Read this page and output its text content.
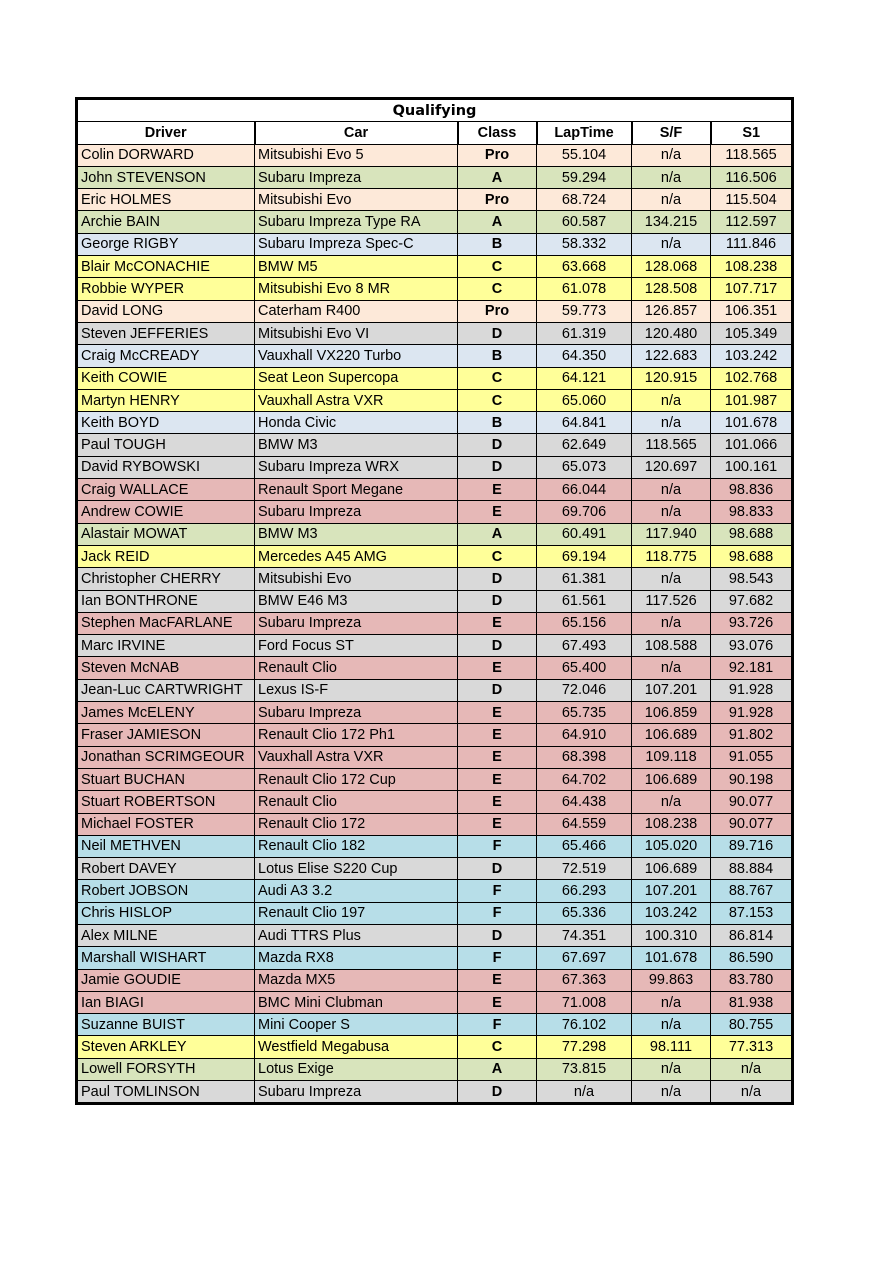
Qualifying					
Driver	Car	Class	LapTime	S/F	S1
Colin DORWARD	Mitsubishi Evo 5	Pro	55.104	n/a	118.565
John STEVENSON	Subaru Impreza	A	59.294	n/a	116.506
Eric HOLMES	Mitsubishi Evo	Pro	68.724	n/a	115.504
Archie BAIN	Subaru Impreza Type RA	A	60.587	134.215	112.597
George RIGBY	Subaru Impreza Spec-C	B	58.332	n/a	111.846
Blair McCONACHIE	BMW M5	C	63.668	128.068	108.238
Robbie WYPER	Mitsubishi Evo 8 MR	C	61.078	128.508	107.717
David LONG	Caterham R400	Pro	59.773	126.857	106.351
Steven JEFFERIES	Mitsubishi Evo VI	D	61.319	120.480	105.349
Craig McCREADY	Vauxhall VX220 Turbo	B	64.350	122.683	103.242
Keith COWIE	Seat Leon Supercopa	C	64.121	120.915	102.768
Martyn HENRY	Vauxhall Astra VXR	C	65.060	n/a	101.987
Keith BOYD	Honda Civic	B	64.841	n/a	101.678
Paul TOUGH	BMW M3	D	62.649	118.565	101.066
David RYBOWSKI	Subaru Impreza WRX	D	65.073	120.697	100.161
Craig WALLACE	Renault Sport Megane	E	66.044	n/a	98.836
Andrew COWIE	Subaru Impreza	E	69.706	n/a	98.833
Alastair MOWAT	BMW M3	A	60.491	117.940	98.688
Jack REID	Mercedes A45 AMG	C	69.194	118.775	98.688
Christopher CHERRY	Mitsubishi Evo	D	61.381	n/a	98.543
Ian BONTHRONE	BMW E46 M3	D	61.561	117.526	97.682
Stephen MacFARLANE	Subaru Impreza	E	65.156	n/a	93.726
Marc IRVINE	Ford Focus ST	D	67.493	108.588	93.076
Steven McNAB	Renault Clio	E	65.400	n/a	92.181
Jean-Luc CARTWRIGHT	Lexus IS-F	D	72.046	107.201	91.928
James McELENY	Subaru Impreza	E	65.735	106.859	91.928
Fraser JAMIESON	Renault Clio 172 Ph1	E	64.910	106.689	91.802
Jonathan SCRIMGEOUR	Vauxhall Astra VXR	E	68.398	109.118	91.055
Stuart BUCHAN	Renault Clio 172 Cup	E	64.702	106.689	90.198
Stuart ROBERTSON	Renault Clio	E	64.438	n/a	90.077
Michael FOSTER	Renault Clio 172	E	64.559	108.238	90.077
Neil METHVEN	Renault Clio 182	F	65.466	105.020	89.716
Robert DAVEY	Lotus Elise S220 Cup	D	72.519	106.689	88.884
Robert JOBSON	Audi A3 3.2	F	66.293	107.201	88.767
Chris HISLOP	Renault Clio 197	F	65.336	103.242	87.153
Alex MILNE	Audi TTRS Plus	D	74.351	100.310	86.814
Marshall WISHART	Mazda RX8	F	67.697	101.678	86.590
Jamie GOUDIE	Mazda MX5	E	67.363	99.863	83.780
Ian BIAGI	BMC Mini Clubman	E	71.008	n/a	81.938
Suzanne BUIST	Mini Cooper S	F	76.102	n/a	80.755
Steven ARKLEY	Westfield Megabusa	C	77.298	98.111	77.313
Lowell FORSYTH	Lotus Exige	A	73.815	n/a	n/a
Paul TOMLINSON	Subaru Impreza	D	n/a	n/a	n/a
